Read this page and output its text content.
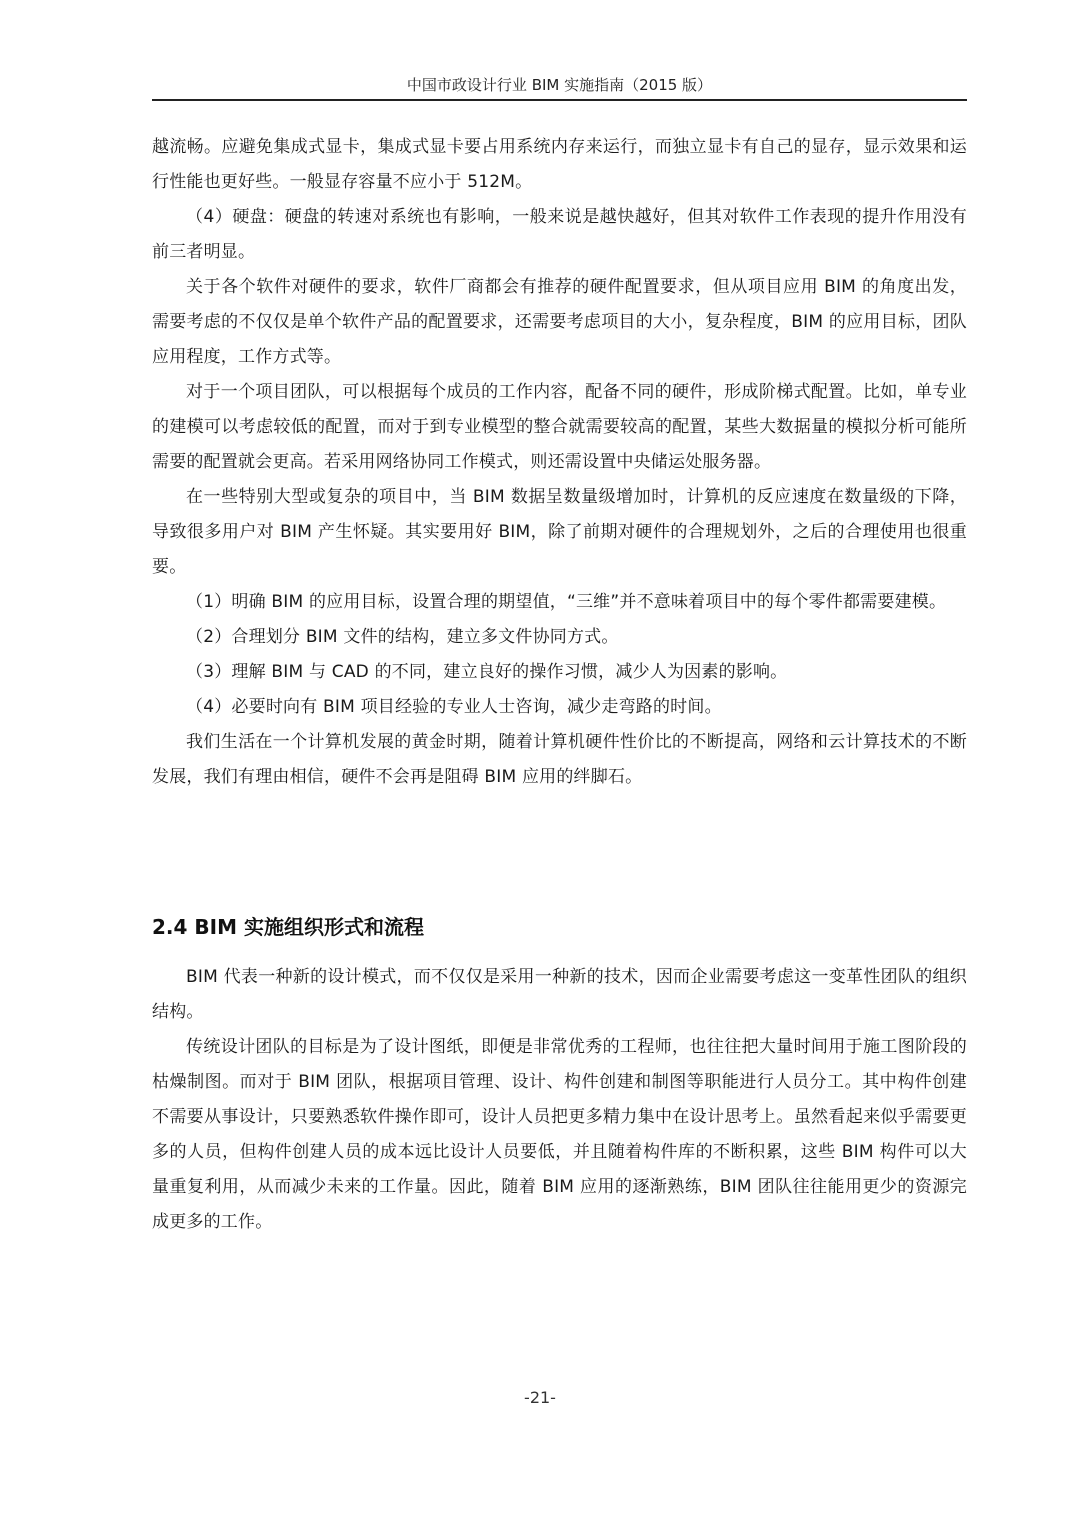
中国市政设计行业 BIM 实施指南（2015 版）

越流畅。应避免集成式显卡，集成式显卡要占用系统内存来运行，而独立显卡有自己的显存，显示效果和运行性能也更好些。一般显存容量不应小于 512M。

（4）硬盘：硬盘的转速对系统也有影响，一般来说是越快越好，但其对软件工作表现的提升作用没有前三者明显。

关于各个软件对硬件的要求，软件厂商都会有推荐的硬件配置要求，但从项目应用 BIM 的角度出发，需要考虑的不仅仅是单个软件产品的配置要求，还需要考虑项目的大小，复杂程度，BIM 的应用目标，团队应用程度，工作方式等。

对于一个项目团队，可以根据每个成员的工作内容，配备不同的硬件，形成阶梯式配置。比如，单专业的建模可以考虑较低的配置，而对于到专业模型的整合就需要较高的配置，某些大数据量的模拟分析可能所需要的配置就会更高。若采用网络协同工作模式，则还需设置中央储运处服务器。

在一些特别大型或复杂的项目中，当 BIM 数据呈数量级增加时，计算机的反应速度在数量级的下降，导致很多用户对 BIM 产生怀疑。其实要用好 BIM，除了前期对硬件的合理规划外，之后的合理使用也很重要。

（1）明确 BIM 的应用目标，设置合理的期望值，“三维”并不意味着项目中的每个零件都需要建模。

（2）合理划分 BIM 文件的结构，建立多文件协同方式。

（3）理解 BIM 与 CAD 的不同，建立良好的操作习惯，减少人为因素的影响。

（4）必要时向有 BIM 项目经验的专业人士咨询，减少走弯路的时间。

我们生活在一个计算机发展的黄金时期，随着计算机硬件性价比的不断提高，网络和云计算技术的不断发展，我们有理由相信，硬件不会再是阻碍 BIM 应用的绊脚石。

2.4 BIM 实施组织形式和流程

BIM 代表一种新的设计模式，而不仅仅是采用一种新的技术，因而企业需要考虑这一变革性团队的组织结构。

传统设计团队的目标是为了设计图纸，即便是非常优秀的工程师，也往往把大量时间用于施工图阶段的枯燥制图。而对于 BIM 团队，根据项目管理、设计、构件创建和制图等职能进行人员分工。其中构件创建不需要从事设计，只要熟悉软件操作即可，设计人员把更多精力集中在设计思考上。虽然看起来似乎需要更多的人员，但构件创建人员的成本远比设计人员要低，并且随着构件库的不断积累，这些 BIM 构件可以大量重复利用，从而减少未来的工作量。因此，随着 BIM 应用的逐渐熟练，BIM 团队往往能用更少的资源完成更多的工作。

-21-
